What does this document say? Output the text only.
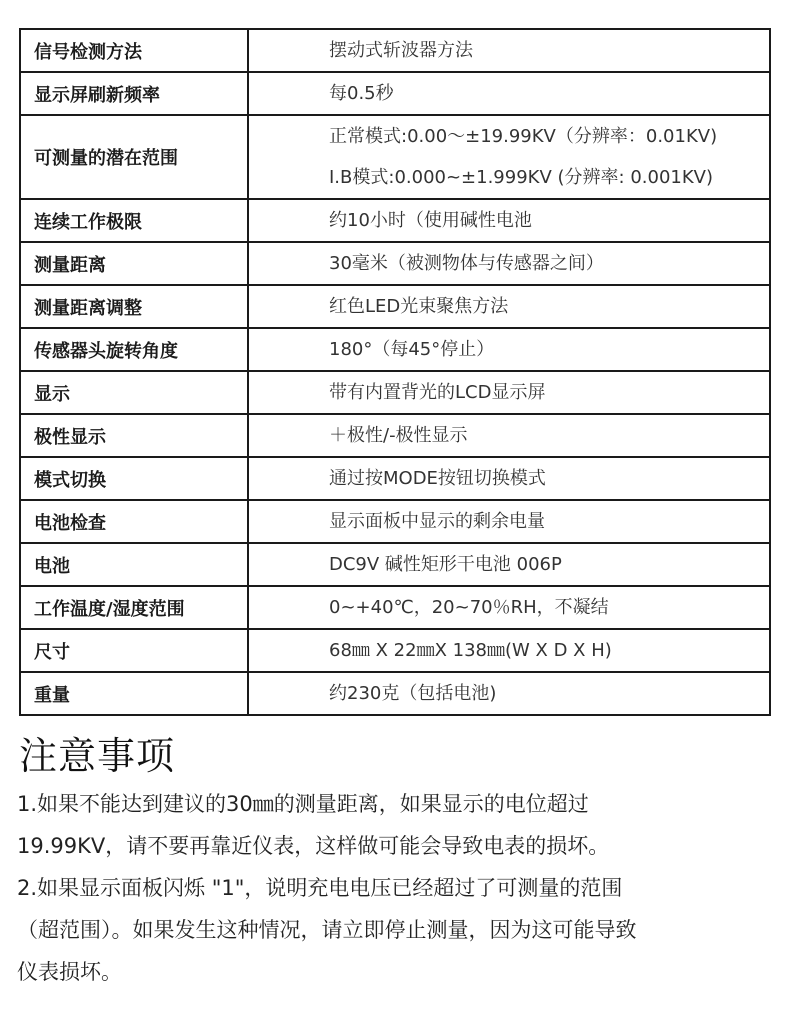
信号检测方法	摆动式斩波器方法

显示屏刷新频率	每0.5秒

可测量的潜在范围	正常模式:0.00～±19.99KV（分辨率：0.01KV)
I.B模式:0.000~±1.999KV (分辨率: 0.001KV)

连续工作极限	约10小时（使用碱性电池

测量距离	30毫米（被测物体与传感器之间）

测量距离调整	红色LED光束聚焦方法

传感器头旋转角度	180°（每45°停止）

显示	带有内置背光的LCD显示屏

极性显示	＋极性/-极性显示

模式切换	通过按MODE按钮切换模式

电池检查	显示面板中显示的剩余电量

电池	DC9V 碱性矩形干电池 006P

工作温度/湿度范围	0~+40℃，20~70％RH，不凝结

尺寸	68㎜ X 22㎜X 138㎜(W X D X H)

重量	约230克（包括电池)
注意事项

1.如果不能达到建议的30㎜的测量距离，如果显示的电位超过

19.99KV，请不要再靠近仪表，这样做可能会导致电表的损坏。

2.如果显示面板闪烁 "1"，说明充电电压已经超过了可测量的范围

（超范围）。如果发生这种情况，请立即停止测量，因为这可能导致

仪表损坏。
